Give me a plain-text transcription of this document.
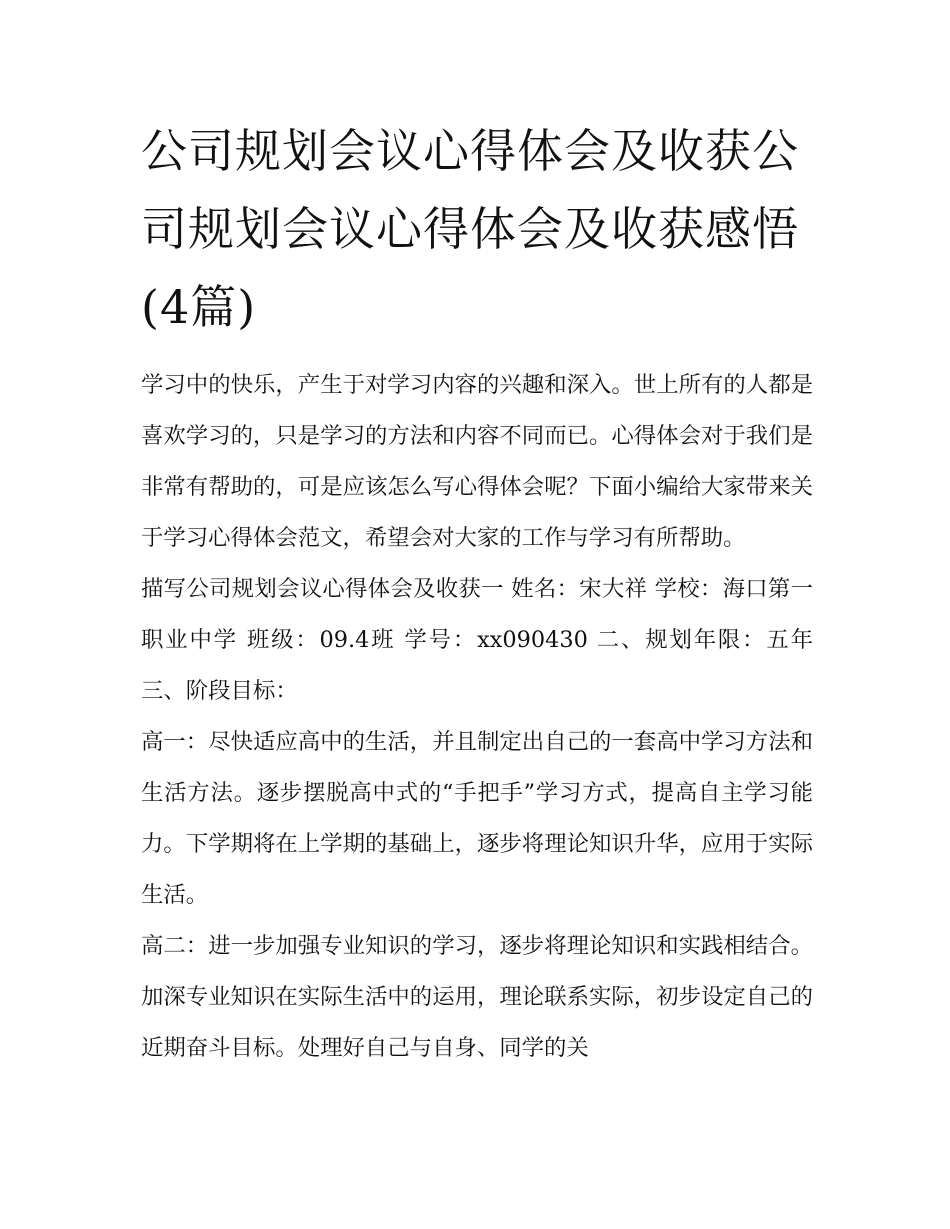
公司规划会议心得体会及收获公司规划会议心得体会及收获感悟(4篇)

学习中的快乐，产生于对学习内容的兴趣和深入。世上所有的人都是喜欢学习的，只是学习的方法和内容不同而已。心得体会对于我们是非常有帮助的，可是应该怎么写心得体会呢？下面小编给大家带来关于学习心得体会范文，希望会对大家的工作与学习有所帮助。

描写公司规划会议心得体会及收获一 姓名：宋大祥 学校：海口第一职业中学 班级：09.4班 学号：xx090430 二、规划年限：五年 三、阶段目标：

高一：尽快适应高中的生活，并且制定出自己的一套高中学习方法和生活方法。逐步摆脱高中式的“手把手”学习方式，提高自主学习能力。下学期将在上学期的基础上，逐步将理论知识升华，应用于实际生活。

高二：进一步加强专业知识的学习，逐步将理论知识和实践相结合。加深专业知识在实际生活中的运用，理论联系实际，初步设定自己的近期奋斗目标。处理好自己与自身、同学的关
